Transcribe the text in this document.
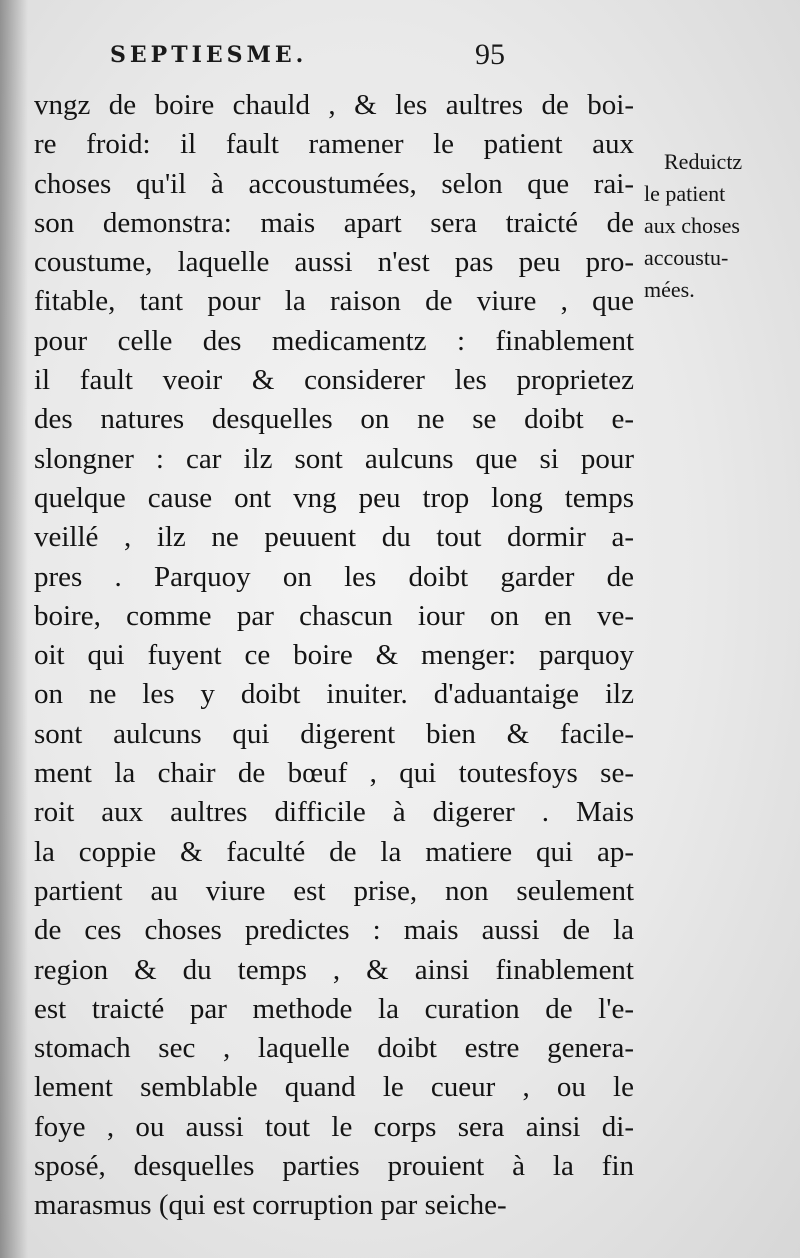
SEPTIESME.	95
vngz de boire chauld , & les aultres de boi-
re froid: il fault ramener le patient aux
choses qu'il à accoustumées, selon que rai-
son demonstra: mais apart sera traicté de
coustume, laquelle aussi n'est pas peu pro-
fitable, tant pour la raison de viure , que
pour celle des medicamentz : finablement
il fault veoir & considerer les proprietez
des natures desquelles on ne se doibt e-
slongner : car ilz sont aulcuns que si pour
quelque cause ont vng peu trop long temps
veillé , ilz ne peuuent du tout dormir a-
pres . Parquoy on les doibt garder de
boire, comme par chascun iour on en ve-
oit qui fuyent ce boire & menger: parquoy
on ne les y doibt inuiter. d'aduantaige ilz
sont aulcuns qui digerent bien & facile-
ment la chair de bœuf , qui toutesfoys se-
roit aux aultres difficile à digerer . Mais
la coppie & faculté de la matiere qui ap-
partient au viure est prise, non seulement
de ces choses predictes : mais aussi de la
region & du temps , & ainsi finablement
est traicté par methode la curation de l'e-
stomach sec , laquelle doibt estre genera-
lement semblable quand le cueur , ou le
foye , ou aussi tout le corps sera ainsi di-
sposé, desquelles parties prouient à la fin
marasmus (qui est corruption par seiche-
Reduictz
le patient
aux choses
accoustu-
mées.
